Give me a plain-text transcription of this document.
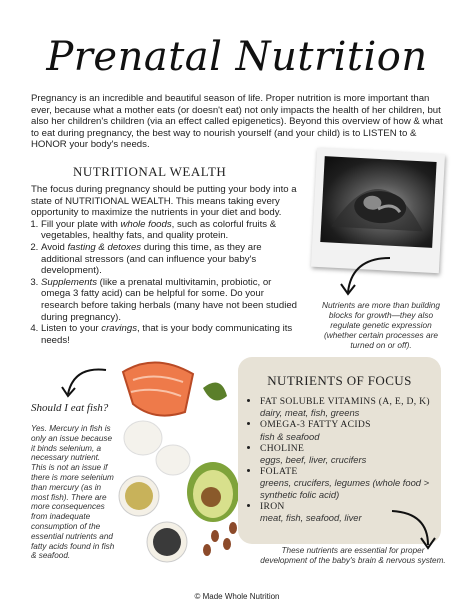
Prenatal Nutrition
Pregnancy is an incredible and beautiful season of life. Proper nutrition is more important than ever, because what a mother eats (or doesn't eat) not only impacts the health of her children, but also her children's children (via an effect called epigenetics). Beyond this overview of how & what to eat during pregnancy, the best way to nourish yourself (and your child) is to LISTEN to & HONOR your body's needs.
NUTRITIONAL WEALTH
The focus during pregnancy should be putting your body into a state of NUTRITIONAL WEALTH. This means taking every opportunity to maximize the nutrients in your diet and body.
1. Fill your plate with whole foods, such as colorful fruits & vegetables, healthy fats, and quality protein.
2. Avoid fasting & detoxes during this time, as they are additional stressors (and can influence your baby's development).
3. Supplements (like a prenatal multivitamin, probiotic, or omega 3 fatty acid) can be helpful for some. Do your research before taking herbals (many have not been studied during pregnancy).
4. Listen to your cravings, that is your body communicating its needs!
Nutrients are more than building blocks for growth—they also regulate genetic expression (whether certain processes are turned on or off).
Should I eat fish?
Yes. Mercury in fish is only an issue because it binds selenium, a necessary nutrient. This is not an issue if there is more selenium than mercury (as in most fish). There are more consequences from inadequate consumption of the essential nutrients and fatty acids found in fish & seafood.
NUTRIENTS OF FOCUS
• FAT SOLUBLE VITAMINS (A, E, D, K)
dairy, meat, fish, greens
• OMEGA-3 FATTY ACIDS
fish & seafood
• CHOLINE
eggs, beef, liver, crucifers
• FOLATE
greens, crucifers, legumes (whole food > synthetic folic acid)
• IRON
meat, fish, seafood, liver
These nutrients are essential for proper development of the baby's brain & nervous system.
© Made Whole Nutrition
